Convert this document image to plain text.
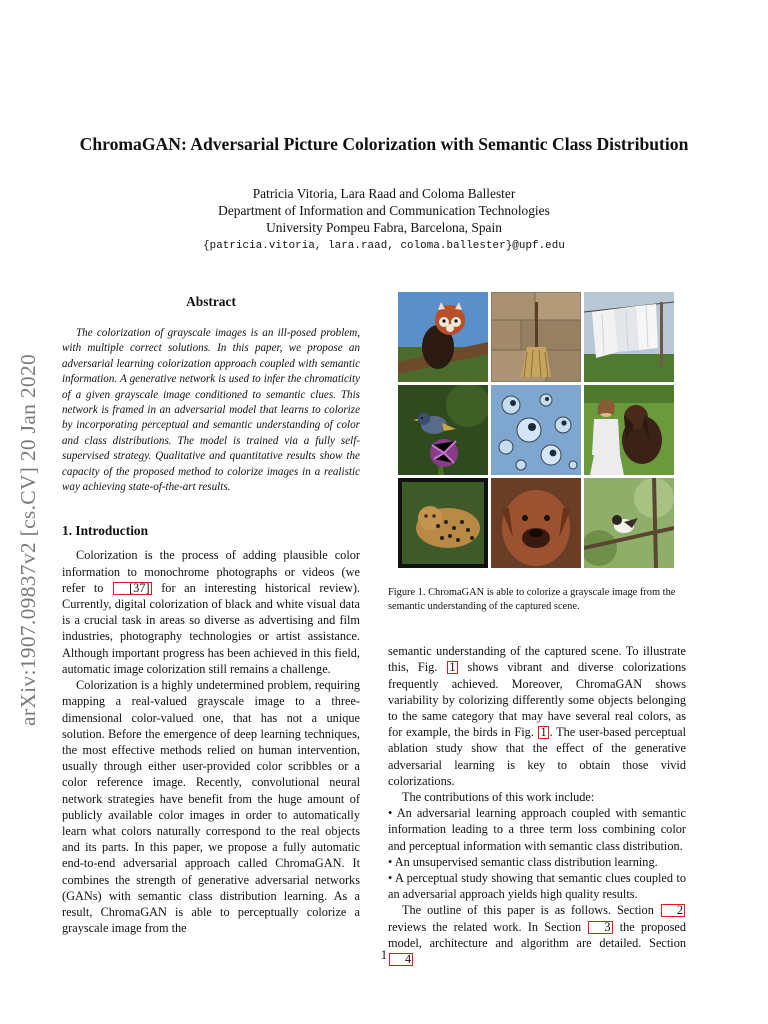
arXiv:1907.09837v2 [cs.CV] 20 Jan 2020
ChromaGAN: Adversarial Picture Colorization with Semantic Class Distribution
Patricia Vitoria, Lara Raad and Coloma Ballester
Department of Information and Communication Technologies
University Pompeu Fabra, Barcelona, Spain
{patricia.vitoria, lara.raad, coloma.ballester}@upf.edu
Abstract

The colorization of grayscale images is an ill-posed problem, with multiple correct solutions. In this paper, we propose an adversarial learning colorization approach coupled with semantic information. A generative network is used to infer the chromaticity of a given grayscale image conditioned to semantic clues. This network is framed in an adversarial model that learns to colorize by incorporating perceptual and semantic understanding of color and class distributions. The model is trained via a fully self-supervised strategy. Qualitative and quantitative results show the capacity of the proposed method to colorize images in a realistic way achieving state-of-the-art results.

1. Introduction

Colorization is the process of adding plausible color information to monochrome photographs or videos (we refer to [37] for an interesting historical review). Currently, digital colorization of black and white visual data is a crucial task in areas so diverse as advertising and film industries, photography technologies or artist assistance. Although important progress has been achieved in this field, automatic image colorization still remains a challenge.

Colorization is a highly undetermined problem, requiring mapping a real-valued grayscale image to a three-dimensional color-valued one, that has not a unique solution. Before the emergence of deep learning techniques, the most effective methods relied on human intervention, usually through either user-provided color scribbles or a color reference image. Recently, convolutional neural network strategies have benefit from the huge amount of publicly available color images in order to automatically learn what colors naturally correspond to the real objects and its parts. In this paper, we propose a fully automatic end-to-end adversarial approach called ChromaGAN. It combines the strength of generative adversarial networks (GANs) with semantic class distribution learning. As a result, ChromaGAN is able to perceptually colorize a grayscale image from the

Figure 1. ChromaGAN is able to colorize a grayscale image from the semantic understanding of the captured scene.

semantic understanding of the captured scene. To illustrate this, Fig. 1 shows vibrant and diverse colorizations frequently achieved. Moreover, ChromaGAN shows variability by colorizing differently some objects belonging to the same category that may have several real colors, as for example, the birds in Fig. 1 . The user-based perceptual ablation study show that the effect of the generative adversarial learning is key to obtain those vivid colorizations.

The contributions of this work include:

• An adversarial learning approach coupled with semantic information leading to a three term loss combining color and perceptual information with semantic class distribution.

• An unsupervised semantic class distribution learning.

• A perceptual study showing that semantic clues coupled to an adversarial approach yields high quality results.

The outline of this paper is as follows. Section 2 reviews the related work. In Section 3 the proposed model, architecture and algorithm are detailed. Section 4

1
